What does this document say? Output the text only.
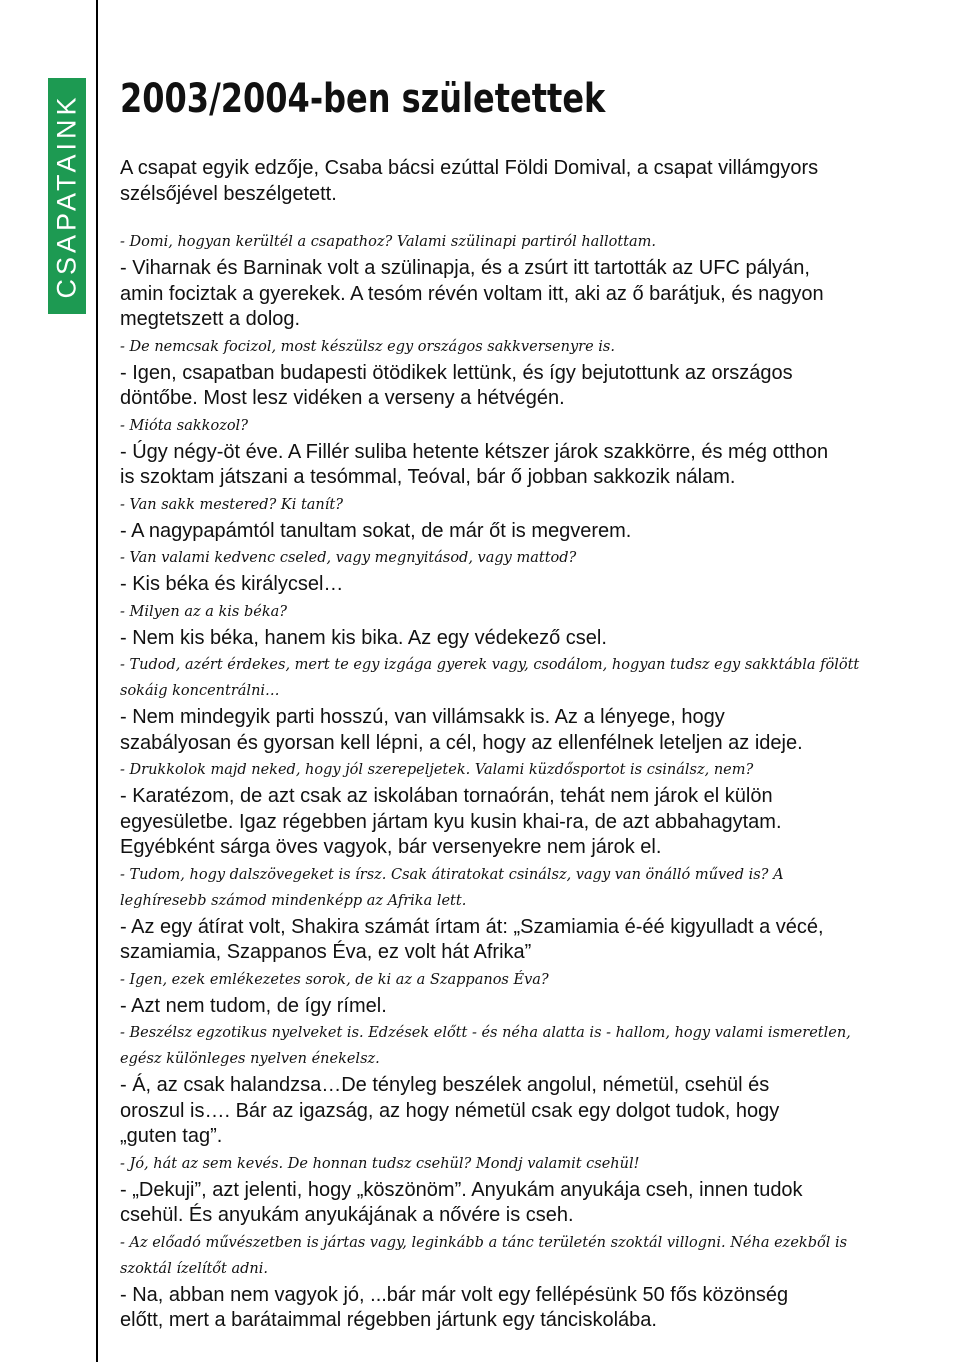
CSAPATAINK 2003/2004-ben születettek
A csapat egyik edzője, Csaba bácsi ezúttal Földi Domival, a csapat villámgyors
szélsőjével beszélgetett.
- Domi, hogyan kerültél a csapathoz? Valami szülinapi partiról hallottam.
- Viharnak és Barninak volt a szülinapja, és a zsúrt itt tartották az UFC pályán,
amin fociztak a gyerekek. A tesóm révén voltam itt, aki az ő barátjuk, és nagyon
megtetszett a dolog.
- De nemcsak focizol, most készülsz egy országos sakkversenyre is.
- Igen, csapatban budapesti ötödikek lettünk, és így bejutottunk az országos
döntőbe. Most lesz vidéken a verseny a hétvégén.
- Mióta sakkozol?
- Úgy négy-öt éve. A Fillér suliba hetente kétszer járok szakkörre, és még otthon
is szoktam játszani a tesómmal, Teóval, bár ő jobban sakkozik nálam.
- Van sakk mestered? Ki tanít?
- A nagypapámtól tanultam sokat, de már őt is megverem.
- Van valami kedvenc cseled, vagy megnyitásod, vagy mattod?
- Kis béka és királycsel…
- Milyen az a kis béka?
- Nem kis béka, hanem kis bika. Az egy védekező csel.
- Tudod, azért érdekes, mert te egy izgága gyerek vagy, csodálom, hogyan tudsz egy sakktábla fölött
sokáig koncentrálni…
- Nem mindegyik parti hosszú, van villámsakk is. Az a lényege, hogy
szabályosan és gyorsan kell lépni, a cél, hogy az ellenfélnek leteljen az ideje.
- Drukkolok majd neked, hogy jól szerepeljetek. Valami küzdősportot is csinálsz, nem?
- Karatézom, de azt csak az iskolában tornaórán, tehát nem járok el külön
egyesületbe. Igaz régebben jártam kyu kusin khai-ra, de azt abbahagytam.
Egyébként sárga öves vagyok, bár versenyekre nem járok el.
- Tudom, hogy dalszövegeket is írsz. Csak átiratokat csinálsz, vagy van önálló műved is? A
leghíresebb számod mindenképp az Afrika lett.
- Az egy átírat volt, Shakira számát írtam át: „Szamiamia é-éé kigyulladt a vécé,
szamiamia, Szappanos Éva, ez volt hát Afrika”
- Igen, ezek emlékezetes sorok, de ki az a Szappanos Éva?
- Azt nem tudom, de így rímel.
- Beszélsz egzotikus nyelveket is. Edzések előtt - és néha alatta is - hallom, hogy valami ismeretlen,
egész különleges nyelven énekelsz.
- Á, az csak halandzsa…De tényleg beszélek angolul, németül, csehül és
oroszul is…. Bár az igazság, az hogy németül csak egy dolgot tudok, hogy
„guten tag”.
- Jó, hát az sem kevés. De honnan tudsz csehül? Mondj valamit csehül!
- „Dekuji”, azt jelenti, hogy „köszönöm”. Anyukám anyukája cseh, innen tudok
csehül. És anyukám anyukájának a nővére is cseh.
- Az előadó művészetben is jártas vagy, leginkább a tánc területén szoktál villogni. Néha ezekből is
szoktál ízelítőt adni.
- Na, abban nem vagyok jó, ...bár már volt egy fellépésünk 50 fős közönség
előtt, mert a barátaimmal régebben jártunk egy tánciskolába.
